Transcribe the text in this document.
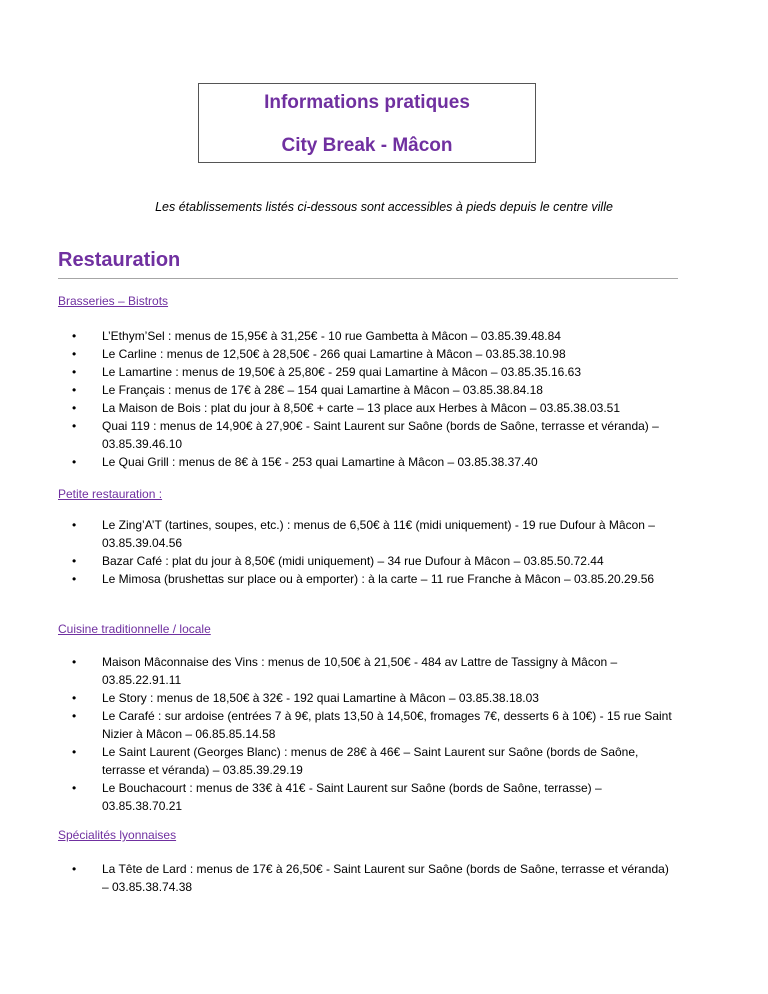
Informations pratiques
City Break - Mâcon
Les établissements listés ci-dessous sont accessibles à pieds depuis le centre ville
Restauration
Brasseries – Bistrots
• L’Ethym’Sel : menus de 15,95€ à 31,25€ - 10 rue Gambetta à Mâcon – 03.85.39.48.84
• Le Carline : menus de 12,50€ à 28,50€ - 266 quai Lamartine à Mâcon – 03.85.38.10.98
• Le Lamartine : menus de 19,50€ à 25,80€ - 259 quai Lamartine à Mâcon – 03.85.35.16.63
• Le Français : menus de 17€ à 28€ – 154 quai Lamartine à Mâcon – 03.85.38.84.18
• La Maison de Bois : plat du jour à 8,50€ + carte – 13 place aux Herbes à Mâcon – 03.85.38.03.51
• Quai 119 : menus de 14,90€ à 27,90€ - Saint Laurent sur Saône (bords de Saône, terrasse et véranda) – 03.85.39.46.10
• Le Quai Grill : menus de 8€ à 15€ - 253 quai Lamartine à Mâcon – 03.85.38.37.40
Petite restauration :
• Le Zing’A’T (tartines, soupes, etc.) : menus de 6,50€ à 11€ (midi uniquement) - 19 rue Dufour à Mâcon – 03.85.39.04.56
• Bazar Café : plat du jour à 8,50€ (midi uniquement) – 34 rue Dufour à Mâcon – 03.85.50.72.44
• Le Mimosa (brushettas sur place ou à emporter) : à la carte – 11 rue Franche à Mâcon – 03.85.20.29.56
Cuisine traditionnelle / locale
• Maison Mâconnaise des Vins : menus de 10,50€ à 21,50€ - 484 av Lattre de Tassigny à Mâcon – 03.85.22.91.11
• Le Story : menus de 18,50€ à 32€ - 192 quai Lamartine à Mâcon – 03.85.38.18.03
• Le Carafé : sur ardoise (entrées 7 à 9€, plats 13,50 à 14,50€, fromages 7€, desserts 6 à 10€) - 15 rue Saint Nizier à Mâcon – 06.85.85.14.58
• Le Saint Laurent (Georges Blanc) : menus de 28€ à 46€ – Saint Laurent sur Saône (bords de Saône, terrasse et véranda) – 03.85.39.29.19
• Le Bouchacourt : menus de 33€ à 41€ - Saint Laurent sur Saône (bords de Saône, terrasse) – 03.85.38.70.21
Spécialités lyonnaises
• La Tête de Lard : menus de 17€ à 26,50€ - Saint Laurent sur Saône (bords de Saône, terrasse et véranda) – 03.85.38.74.38
